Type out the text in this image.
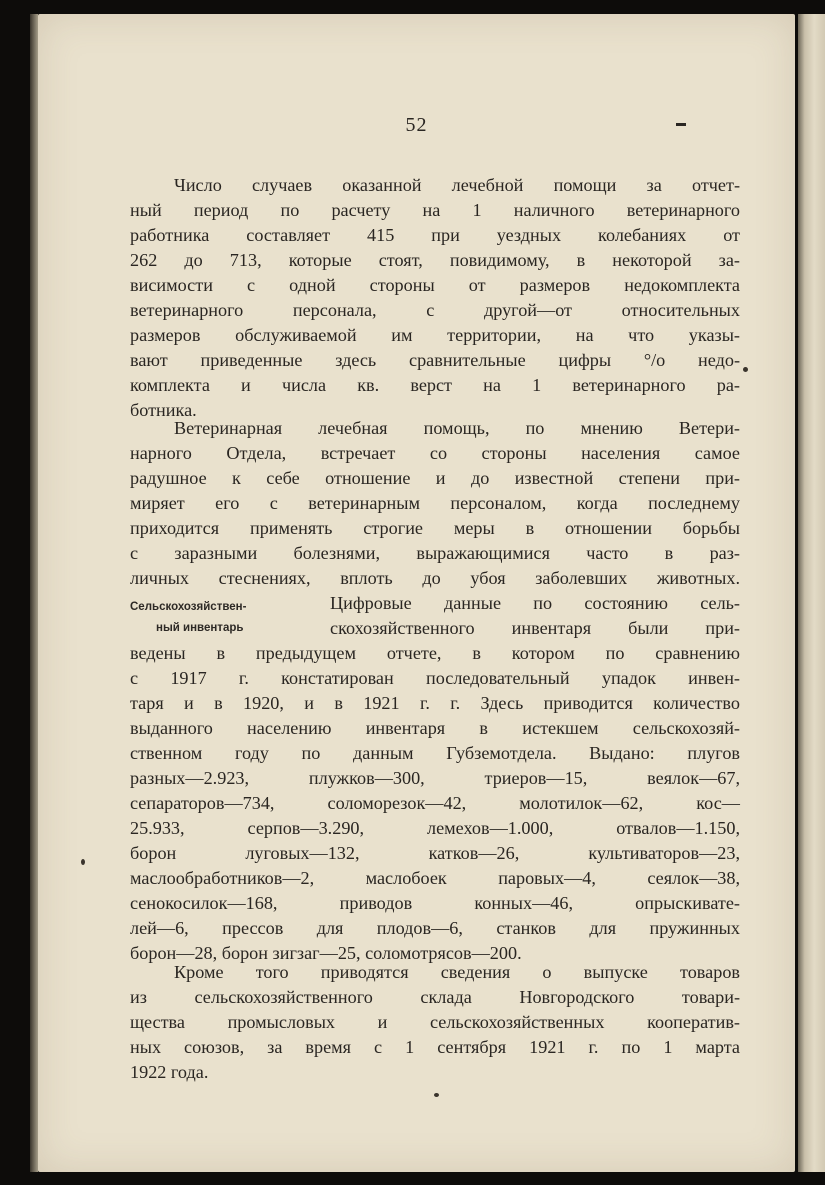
52
Число случаев оказанной лечебной помощи за отчет-
ный период по расчету на 1 наличного ветеринарного
работника составляет 415 при уездных колебаниях от
262 до 713, которые стоят, повидимому, в некоторой за-
висимости с одной стороны от размеров недокомплекта
ветеринарного персонала, с другой—от относительных
размеров обслуживаемой им территории, на что указы-
вают приведенные здесь сравнительные цифры °/о недо-
комплекта и числа кв. верст на 1 ветеринарного ра-
ботника.
Ветеринарная лечебная помощь, по мнению Ветери-
нарного Отдела, встречает со стороны населения самое
радушное к себе отношение и до известной степени при-
миряет его с ветеринарным персоналом, когда последнему
приходится применять строгие меры в отношении борьбы
с заразными болезнями, выражающимися часто в раз-
личных стеснениях, вплоть до убоя заболевших животных.
Сельскохозяйствен-
ный инвентарь
Цифровые данные по состоянию сель-
скохозяйственного инвентаря были при-
ведены в предыдущем отчете, в котором по сравнению
с 1917 г. констатирован последовательный упадок инвен-
таря и в 1920, и в 1921 г. г. Здесь приводится количество
выданного населению инвентаря в истекшем сельскохозяй-
ственном году по данным Губземотдела. Выдано: плугов
разных—2.923, плужков—300, триеров—15, веялок—67,
сепараторов—734, соломорезок—42, молотилок—62, кос—
25.933, серпов—3.290, лемехов—1.000, отвалов—1.150,
борон луговых—132, катков—26, культиваторов—23,
маслообработников—2, маслобоек паровых—4, сеялок—38,
сенокосилок—168, приводов конных—46, опрыскивате-
лей—6, прессов для плодов—6, станков для пружинных
борон—28, борон зигзаг—25, соломотрясов—200.
Кроме того приводятся сведения о выпуске товаров
из сельскохозяйственного склада Новгородского товари-
щества промысловых и сельскохозяйственных кооператив-
ных союзов, за время с 1 сентября 1921 г. по 1 марта
1922 года.
